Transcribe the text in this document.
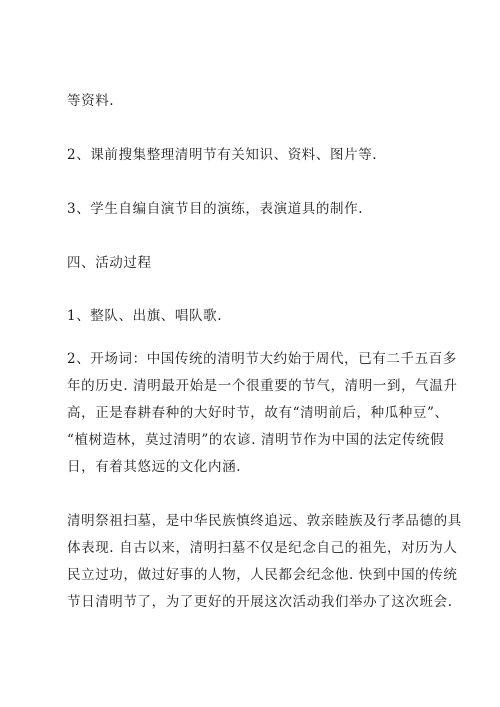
等资料.

2、课前搜集整理清明节有关知识、资料、图片等.

3、学生自编自演节目的演练，表演道具的制作.

四、活动过程

1、整队、出旗、唱队歌.

2、开场词：中国传统的清明节大约始于周代，已有二千五百多
年的历史. 清明最开始是一个很重要的节气，清明一到，气温升
高，正是春耕春种的大好时节，故有“清明前后，种瓜种豆”、
“植树造林，莫过清明”的农谚. 清明节作为中国的法定传统假
日，有着其悠远的文化内涵.

清明祭祖扫墓，是中华民族慎终追远、敦亲睦族及行孝品德的具
体表现. 自古以来，清明扫墓不仅是纪念自己的祖先，对历为人
民立过功，做过好事的人物，人民都会纪念他. 快到中国的传统
节日清明节了，为了更好的开展这次活动我们举办了这次班会.
